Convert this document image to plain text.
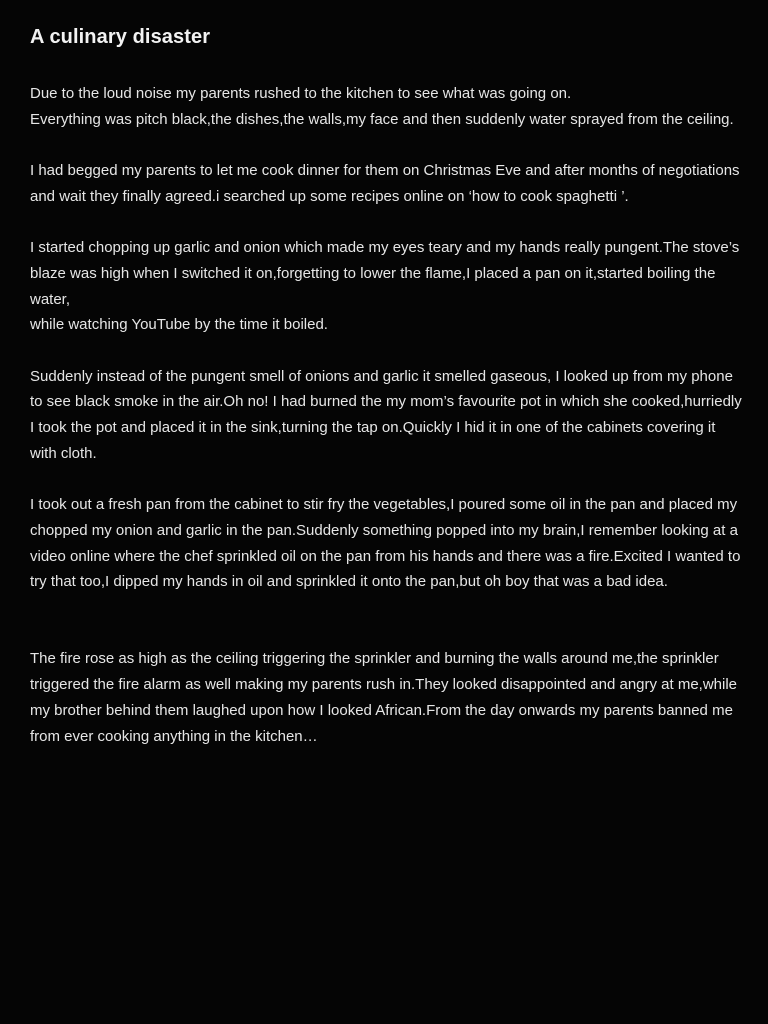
A culinary disaster

Due to the loud noise my parents rushed to the kitchen to see what was going on.
Everything was pitch black,the dishes,the walls,my face and then suddenly water sprayed from the ceiling.

I had begged my parents to let me cook dinner for them on Christmas Eve and after months of negotiations and wait they finally agreed.i searched up some recipes online on ‘how to cook spaghetti ’.

I started chopping up garlic and onion which made my eyes teary and my hands really pungent.The stove’s blaze was high when I switched it on,forgetting to lower the flame,I placed a pan on it,started boiling the water,
while watching YouTube by the time it boiled.

Suddenly instead of the pungent smell of onions and garlic it smelled gaseous, I looked up from my phone to see black smoke in the air.Oh no! I had burned the my mom’s favourite pot in which she cooked,hurriedly I took the pot and placed it in the sink,turning the tap on.Quickly I hid it in one of the cabinets covering it with cloth.

I took out a fresh pan from the cabinet to stir fry the vegetables,I poured some oil in the pan and placed my chopped my onion and garlic in the pan.Suddenly something popped into my brain,I remember looking at a video online where the chef sprinkled oil on the pan from his hands and there was a fire.Excited I wanted to try that too,I dipped my hands in oil and sprinkled it onto the pan,but oh boy that was a bad idea.

The fire rose as high as the ceiling triggering the sprinkler and burning the walls around me,the sprinkler triggered the fire alarm as well making my parents rush in.They looked disappointed and angry at me,while my brother behind them laughed upon how I looked African.From the day onwards my parents banned me from ever cooking anything in the kitchen…
